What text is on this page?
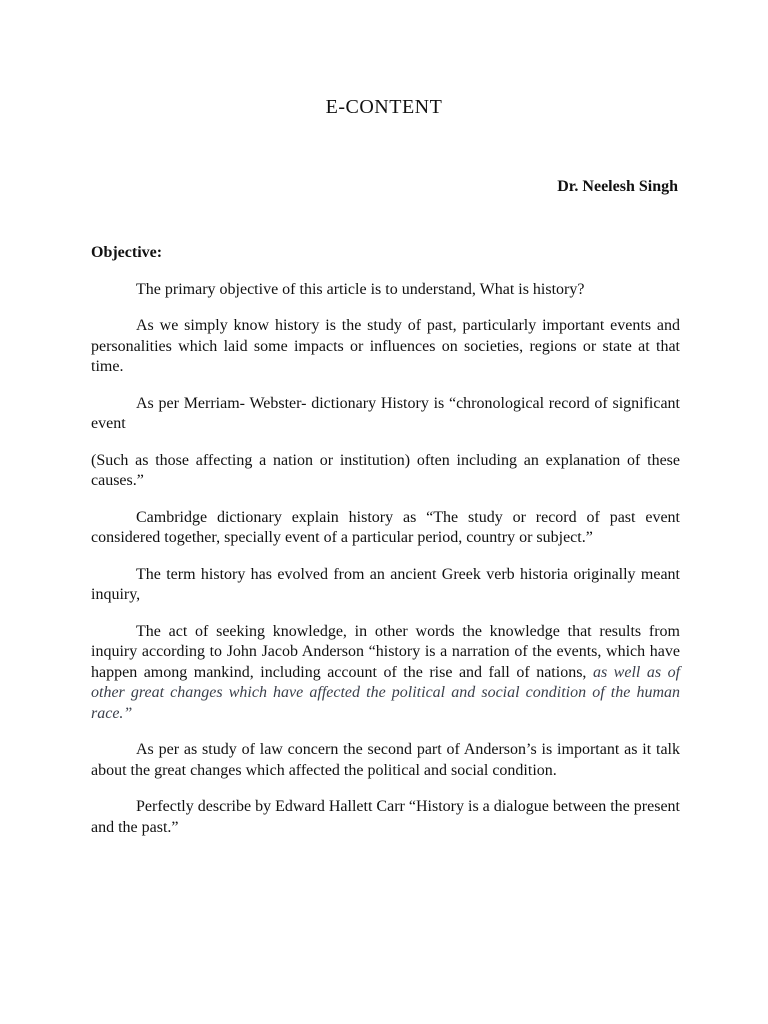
E-CONTENT

Dr. Neelesh Singh

Objective:

The primary objective of this article is to understand, What is history?

As we simply know history is the study of past, particularly important events and personalities which laid some impacts or influences on societies, regions or state at that time.

As per Merriam- Webster- dictionary History is “chronological record of significant event

(Such as those affecting a nation or institution) often including an explanation of these causes.”

Cambridge dictionary explain history as “The study or record of past event considered together, specially event of a particular period, country or subject.”

The term history has evolved from an ancient Greek verb historia originally meant inquiry,

The act of seeking knowledge, in other words the knowledge that results from inquiry according to John Jacob Anderson “history is a narration of the events, which have happen among mankind, including account of the rise and fall of nations, as well as of other great changes which have affected the political and social condition of the human race.”

As per as study of law concern the second part of Anderson’s is important as it talk about the great changes which affected the political and social condition.

Perfectly describe by Edward Hallett Carr “History is a dialogue between the present and the past.”
